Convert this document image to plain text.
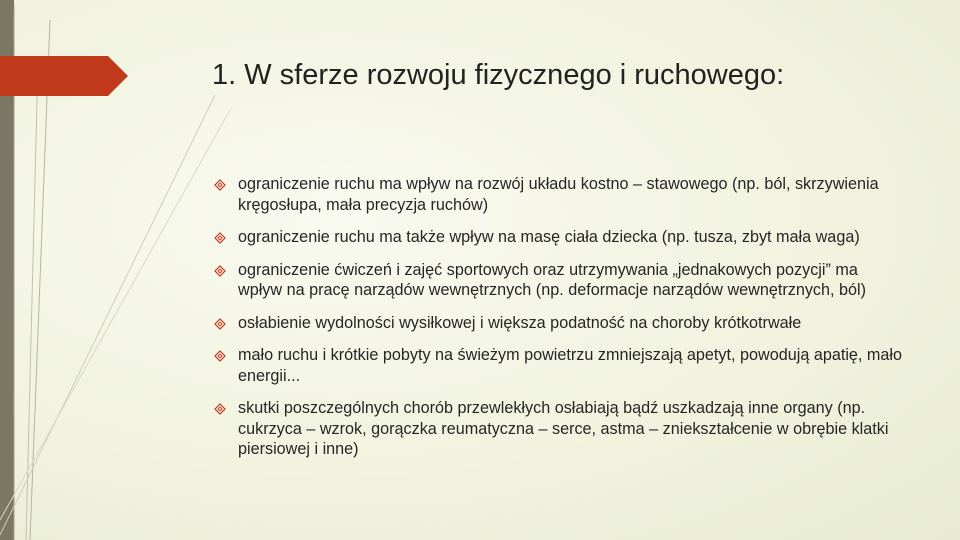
1. W sferze rozwoju fizycznego i ruchowego:
ograniczenie ruchu ma wpływ na rozwój układu kostno – stawowego (np. ból, skrzywienia kręgosłupa, mała precyzja ruchów)
ograniczenie ruchu ma także wpływ na masę ciała dziecka (np. tusza, zbyt mała waga)
ograniczenie ćwiczeń i zajęć sportowych oraz utrzymywania „jednakowych pozycji” ma wpływ na pracę narządów wewnętrznych (np. deformacje narządów wewnętrznych, ból)
osłabienie wydolności wysiłkowej i większa podatność na choroby krótkotrwałe
mało ruchu i krótkie pobyty na świeżym powietrzu zmniejszają apetyt, powodują apatię, mało energii...
skutki poszczególnych chorób przewlekłych osłabiają bądź uszkadzają inne organy (np. cukrzyca – wzrok, gorączka reumatyczna – serce, astma – zniekształcenie w obrębie klatki piersiowej i inne)
